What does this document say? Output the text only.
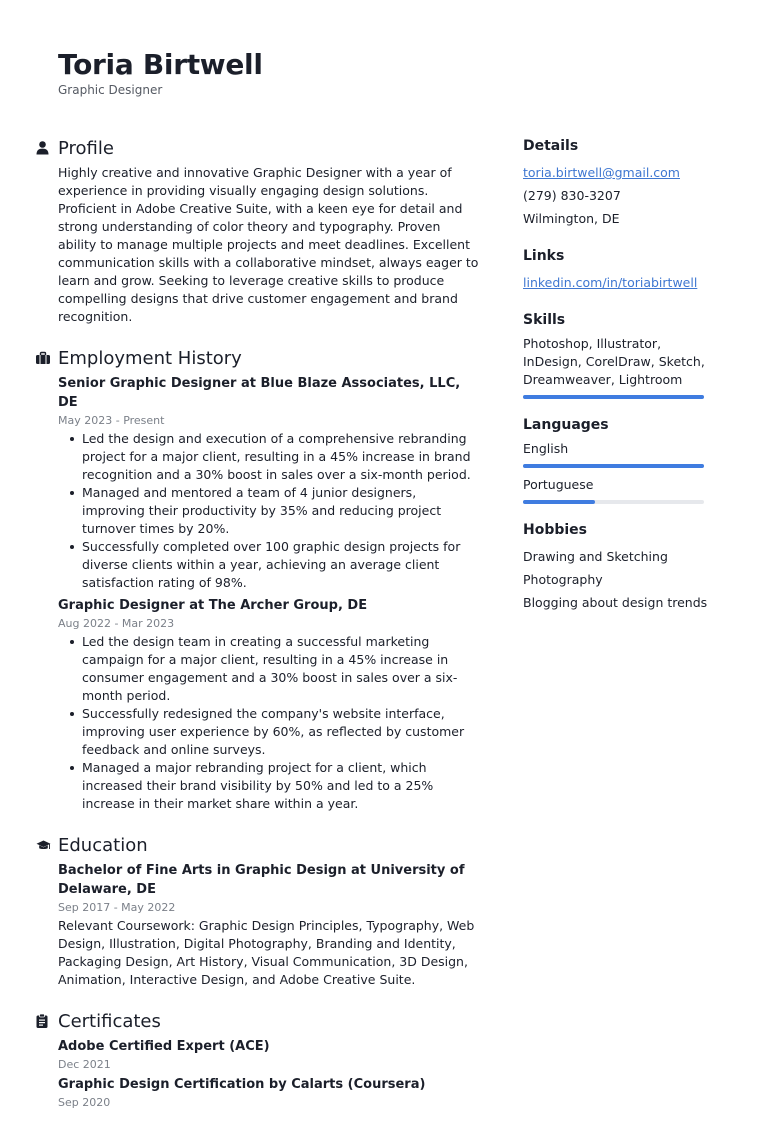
Toria Birtwell
Graphic Designer
Profile

Highly creative and innovative Graphic Designer with a year of experience in providing visually engaging design solutions. Proficient in Adobe Creative Suite, with a keen eye for detail and strong understanding of color theory and typography. Proven ability to manage multiple projects and meet deadlines. Excellent communication skills with a collaborative mindset, always eager to learn and grow. Seeking to leverage creative skills to produce compelling designs that drive customer engagement and brand recognition.

Employment History
Senior Graphic Designer at Blue Blaze Associates, LLC, DE
May 2023 - Present
Led the design and execution of a comprehensive rebranding project for a major client, resulting in a 45% increase in brand recognition and a 30% boost in sales over a six-month period.
Managed and mentored a team of 4 junior designers, improving their productivity by 35% and reducing project turnover times by 20%.
Successfully completed over 100 graphic design projects for diverse clients within a year, achieving an average client satisfaction rating of 98%.
Graphic Designer at The Archer Group, DE
Aug 2022 - Mar 2023
Led the design team in creating a successful marketing campaign for a major client, resulting in a 45% increase in consumer engagement and a 30% boost in sales over a six-month period.
Successfully redesigned the company's website interface, improving user experience by 60%, as reflected by customer feedback and online surveys.
Managed a major rebranding project for a client, which increased their brand visibility by 50% and led to a 25% increase in their market share within a year.
Education
Bachelor of Fine Arts in Graphic Design at University of Delaware, DE
Sep 2017 - May 2022

Relevant Coursework: Graphic Design Principles, Typography, Web Design, Illustration, Digital Photography, Branding and Identity, Packaging Design, Art History, Visual Communication, 3D Design, Animation, Interactive Design, and Adobe Creative Suite.

Certificates
Adobe Certified Expert (ACE)
Dec 2021
Graphic Design Certification by Calarts (Coursera)
Sep 2020
Details
toria.birtwell@gmail.com
(279) 830-3207
Wilmington, DE
Links
linkedin.com/in/toriabirtwell
Skills
Photoshop, Illustrator, InDesign, CorelDraw, Sketch, Dreamweaver, Lightroom
Languages
English
Portuguese
Hobbies
Drawing and Sketching
Photography
Blogging about design trends
